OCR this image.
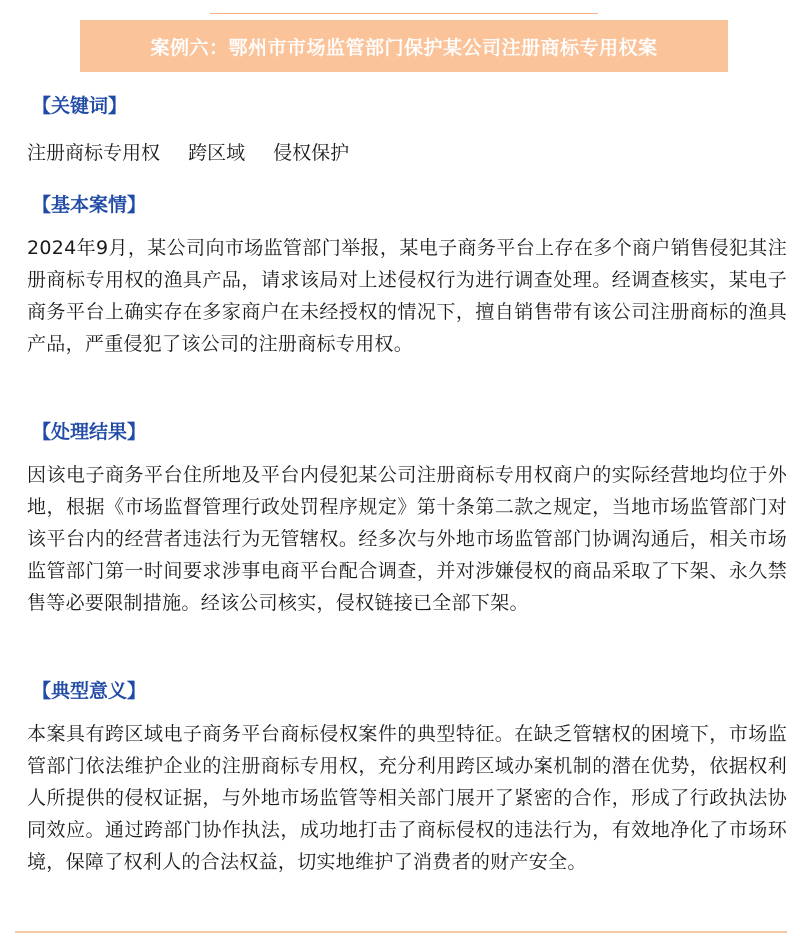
案例六：鄂州市市场监管部门保护某公司注册商标专用权案
【关键词】
注册商标专用权 跨区域 侵权保护
【基本案情】

2024年9月，某公司向市场监管部门举报，某电子商务平台上存在多个商户销售侵犯其注册商标专用权的渔具产品，请求该局对上述侵权行为进行调查处理。经调查核实，某电子商务平台上确实存在多家商户在未经授权的情况下，擅自销售带有该公司注册商标的渔具产品，严重侵犯了该公司的注册商标专用权。

【处理结果】

因该电子商务平台住所地及平台内侵犯某公司注册商标专用权商户的实际经营地均位于外地，根据《市场监督管理行政处罚程序规定》第十条第二款之规定，当地市场监管部门对该平台内的经营者违法行为无管辖权。经多次与外地市场监管部门协调沟通后，相关市场监管部门第一时间要求涉事电商平台配合调查，并对涉嫌侵权的商品采取了下架、永久禁售等必要限制措施。经该公司核实，侵权链接已全部下架。

【典型意义】

本案具有跨区域电子商务平台商标侵权案件的典型特征。在缺乏管辖权的困境下，市场监管部门依法维护企业的注册商标专用权，充分利用跨区域办案机制的潜在优势，依据权利人所提供的侵权证据，与外地市场监管等相关部门展开了紧密的合作，形成了行政执法协同效应。通过跨部门协作执法，成功地打击了商标侵权的违法行为，有效地净化了市场环境，保障了权利人的合法权益，切实地维护了消费者的财产安全。
